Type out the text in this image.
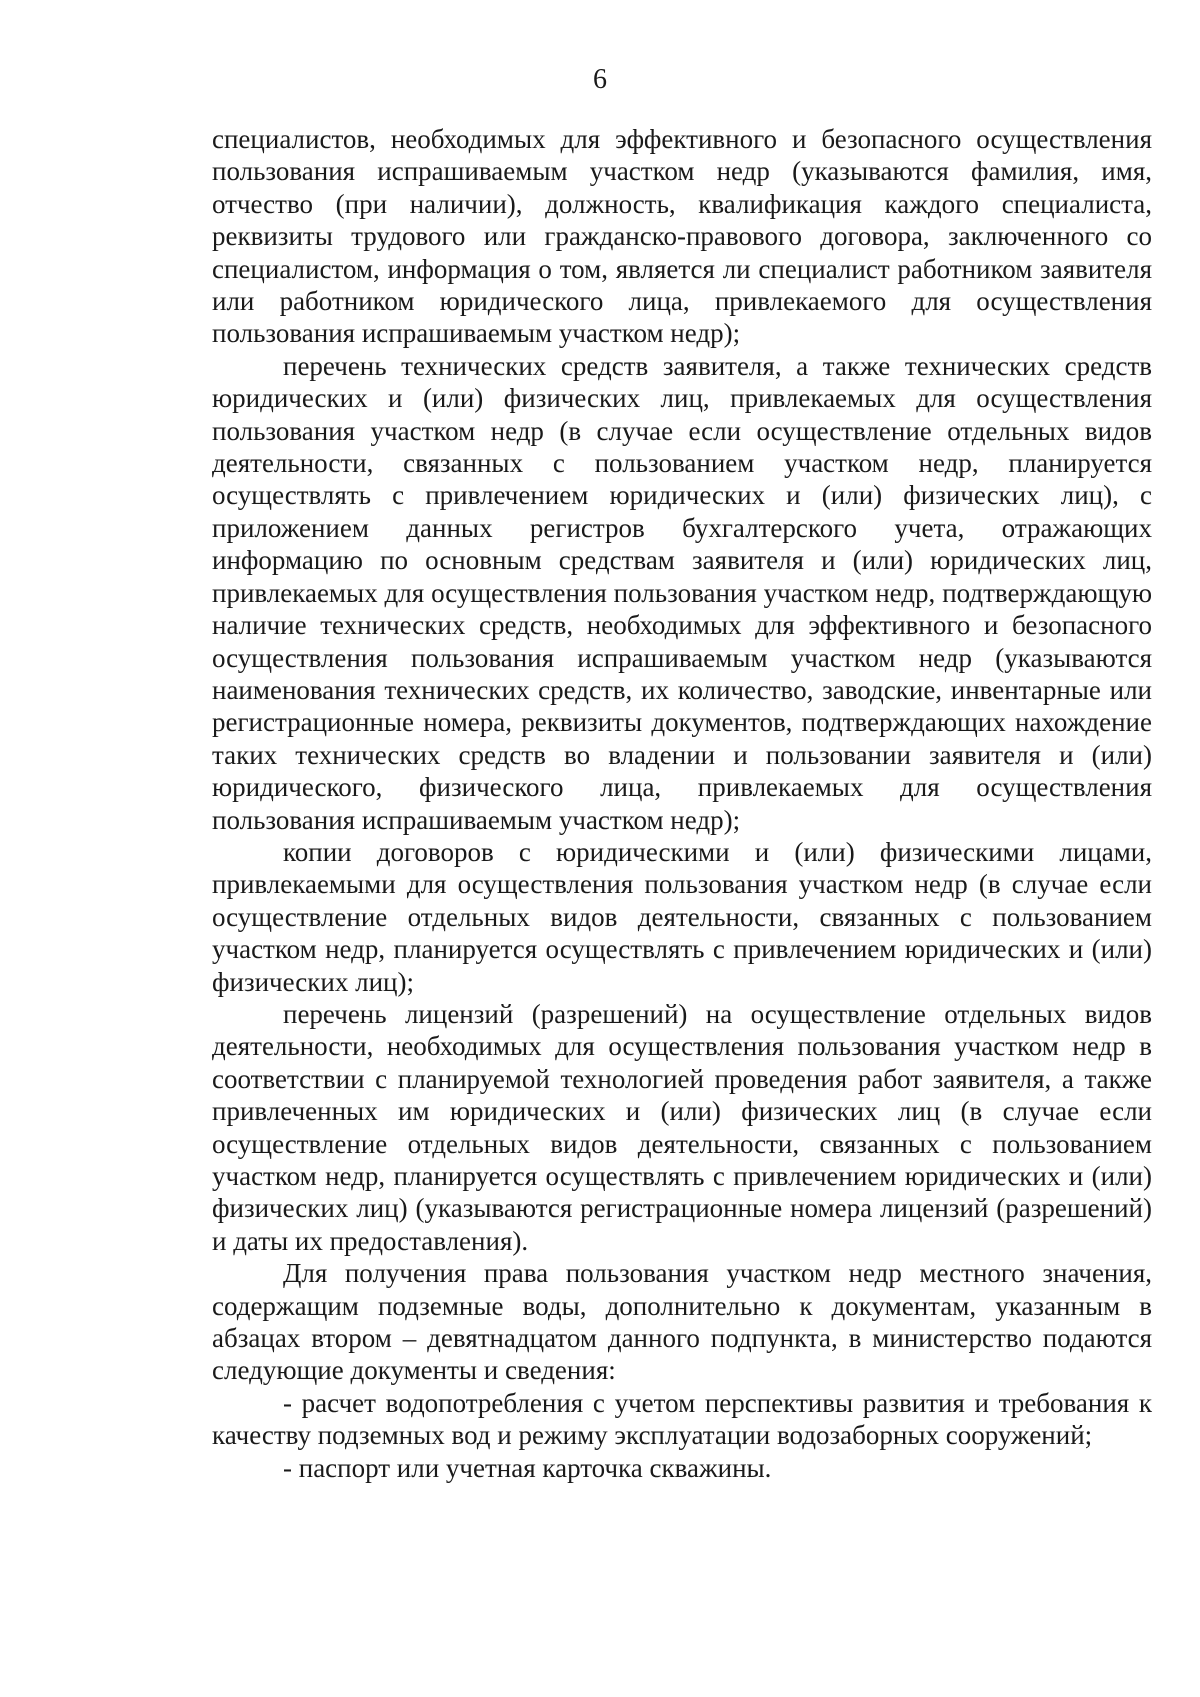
6

специалистов, необходимых для эффективного и безопасного осуществления пользования испрашиваемым участком недр (указываются фамилия, имя, отчество (при наличии), должность, квалификация каждого специалиста, реквизиты трудового или гражданско-правового договора, заключенного со специалистом, информация о том, является ли специалист работником заявителя или работником юридического лица, привлекаемого для осуществления пользования испрашиваемым участком недр);

перечень технических средств заявителя, а также технических средств юридических и (или) физических лиц, привлекаемых для осуществления пользования участком недр (в случае если осуществление отдельных видов деятельности, связанных с пользованием участком недр, планируется осуществлять с привлечением юридических и (или) физических лиц), с приложением данных регистров бухгалтерского учета, отражающих информацию по основным средствам заявителя и (или) юридических лиц, привлекаемых для осуществления пользования участком недр, подтверждающую наличие технических средств, необходимых для эффективного и безопасного осуществления пользования испрашиваемым участком недр (указываются наименования технических средств, их количество, заводские, инвентарные или регистрационные номера, реквизиты документов, подтверждающих нахождение таких технических средств во владении и пользовании заявителя и (или) юридического, физического лица, привлекаемых для осуществления пользования испрашиваемым участком недр);

копии договоров с юридическими и (или) физическими лицами, привлекаемыми для осуществления пользования участком недр (в случае если осуществление отдельных видов деятельности, связанных с пользованием участком недр, планируется осуществлять с привлечением юридических и (или) физических лиц);

перечень лицензий (разрешений) на осуществление отдельных видов деятельности, необходимых для осуществления пользования участком недр в соответствии с планируемой технологией проведения работ заявителя, а также привлеченных им юридических и (или) физических лиц (в случае если осуществление отдельных видов деятельности, связанных с пользованием участком недр, планируется осуществлять с привлечением юридических и (или) физических лиц) (указываются регистрационные номера лицензий (разрешений) и даты их предоставления).

Для получения права пользования участком недр местного значения, содержащим подземные воды, дополнительно к документам, указанным в абзацах втором – девятнадцатом данного подпункта, в министерство подаются следующие документы и сведения:

- расчет водопотребления с учетом перспективы развития и требования к качеству подземных вод и режиму эксплуатации водозаборных сооружений;

- паспорт или учетная карточка скважины.
